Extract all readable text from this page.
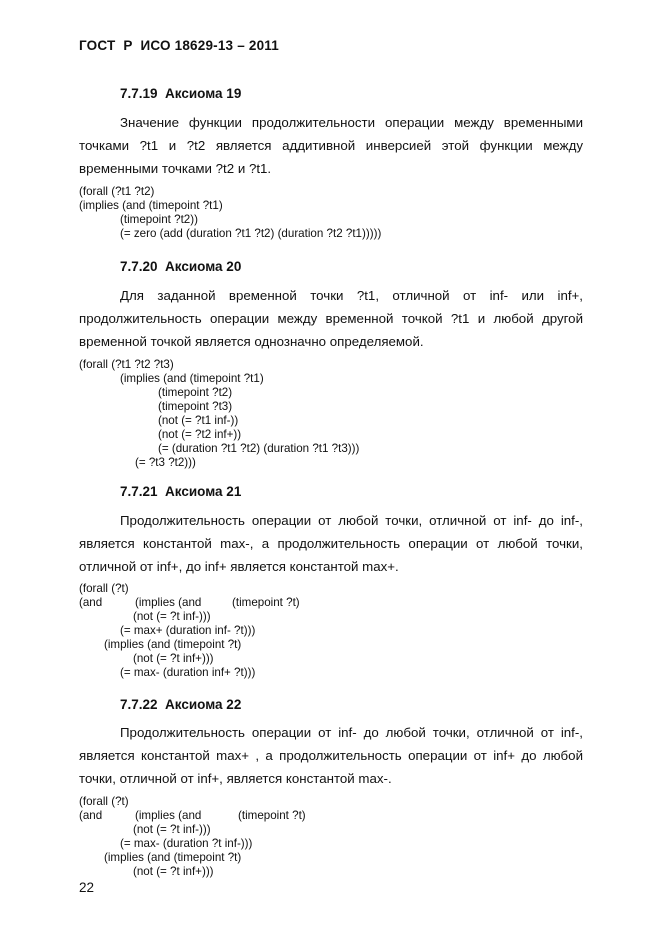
ГОСТ  Р  ИСО 18629-13 – 2011
7.7.19  Аксиома 19
Значение функции продолжительности операции между временными
точками ?t1 и ?t2 является аддитивной инверсией этой функции между
временными точками ?t2 и ?t1.
(forall (?t1 ?t2)
(implies (and (timepoint ?t1)
(timepoint ?t2))
(= zero (add (duration ?t1 ?t2) (duration ?t2 ?t1)))))
7.7.20  Аксиома 20
Для заданной временной точки ?t1, отличной от inf- или inf+,
продолжительность операции между временной точкой ?t1 и любой другой
временной точкой является однозначно определяемой.
(forall (?t1 ?t2 ?t3)
(implies (and (timepoint ?t1)
(timepoint ?t2)
(timepoint ?t3)
(not (= ?t1 inf-))
(not (= ?t2 inf+))
(= (duration ?t1 ?t2) (duration ?t1 ?t3)))
(= ?t3 ?t2)))
7.7.21  Аксиома 21
Продолжительность операции от любой точки, отличной от inf- до inf-,
является константой max-, а продолжительность операции от любой точки,
отличной от inf+, до inf+ является константой max+.
(forall (?t)
(and	(implies (and	(timepoint ?t)
(not (= ?t inf-)))
(= max+ (duration inf- ?t)))
(implies (and (timepoint ?t)
(not (= ?t inf+)))
(= max- (duration inf+ ?t)))
7.7.22  Аксиома 22
Продолжительность операции от inf- до любой точки, отличной от inf-,
является константой max+ , а продолжительность операции от inf+ до любой
точки, отличной от inf+, является константой max-.
(forall (?t)
(and	(implies (and	(timepoint ?t)
(not (= ?t inf-)))
(= max- (duration ?t inf-)))
(implies (and (timepoint ?t)
(not (= ?t inf+)))
22
